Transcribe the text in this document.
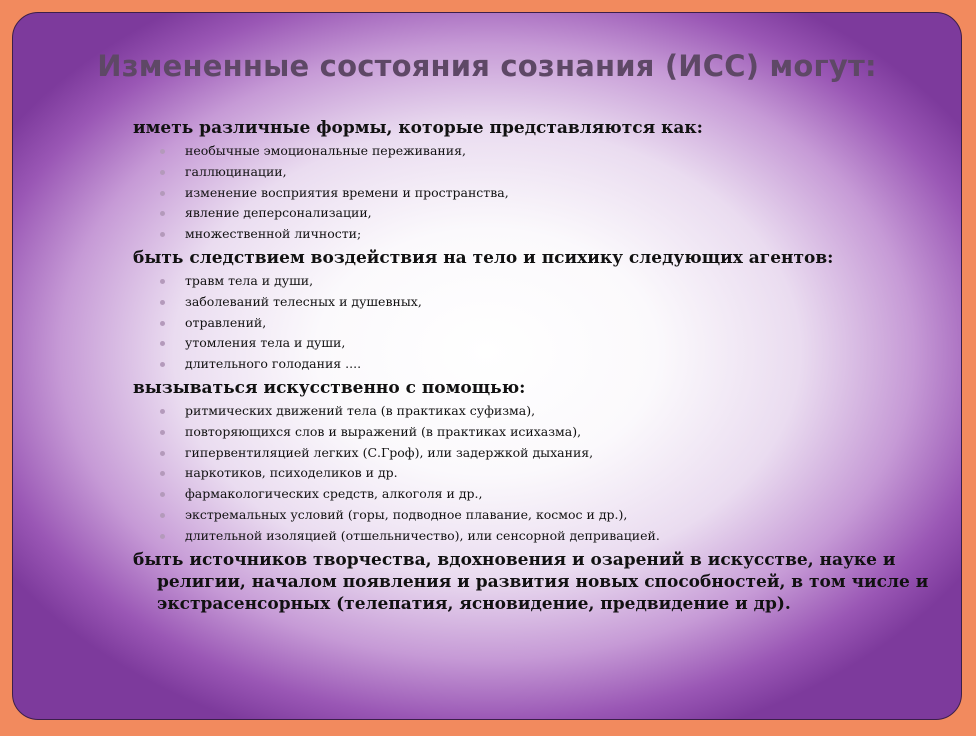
Измененные состояния сознания (ИСС) могут:

иметь различные формы, которые представляются как:

необычные эмоциональные переживания,
галлюцинации,
изменение восприятия времени и пространства,
явление деперсонализации,
множественной личности;

быть следствием воздействия на тело и психику следующих агентов:

травм тела и души,
заболеваний телесных и душевных,
отравлений,
утомления тела и души,
длительного голодания ....

вызываться искусственно с помощью:

ритмических движений тела (в практиках суфизма),
повторяющихся слов и выражений (в практиках исихазма),
гипервентиляцией легких (С.Гроф), или задержкой дыхания,
наркотиков, психоделиков и др.
фармакологических средств, алкоголя и др.,
экстремальных условий (горы, подводное плавание, космос и др.),
длительной изоляцией (отшельничество), или сенсорной депривацией.

быть источников творчества, вдохновения и озарений в искусстве, науке и религии, началом появления и развития новых способностей, в том числе и экстрасенсорных (телепатия, ясновидение, предвидение и др).
